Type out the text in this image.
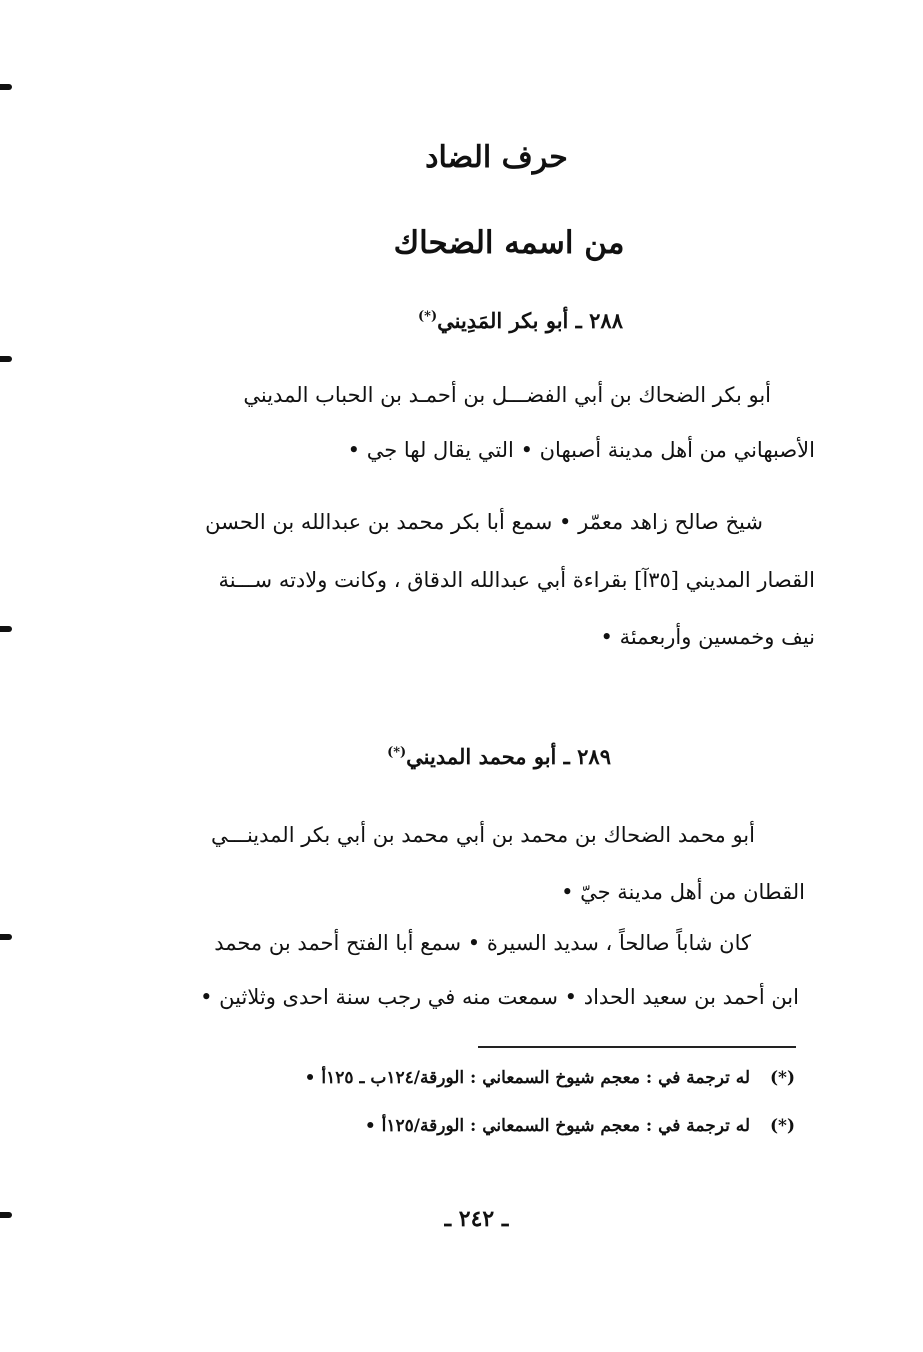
حرف الضاد
من اسمه الضحاك
٢٨٨ ـ أبو بكر المَدِيني(*)
أبو بكر الضحاك بن أبي الفضـــل بن أحمـد بن الحباب المديني
الأصبهاني من أهل مدينة أصبهان • التي يقال لها جي •
شيخ صالح زاهد معمّر • سمع أبا بكر محمد بن عبدالله بن الحسن
القصار المديني [٣٥آ] بقراءة أبي عبدالله الدقاق ، وكانت ولادته ســـنة
نيف وخمسين وأربعمئة •
٢٨٩ ـ أبو محمد المديني(*)
أبو محمد الضحاك بن محمد بن أبي محمد بن أبي بكر المدينـــي
القطان من أهل مدينة جيّ •
كان شاباً صالحاً ، سديد السيرة • سمع أبا الفتح أحمد بن محمد
ابن أحمد بن سعيد الحداد • سمعت منه في رجب سنة احدى وثلاثين •
(*) له ترجمة في : معجم شيوخ السمعاني : الورقة/١٢٤ب ـ ١٢٥أ •
(*) له ترجمة في : معجم شيوخ السمعاني : الورقة/١٢٥أ •
ـ ٢٤٢ ـ
